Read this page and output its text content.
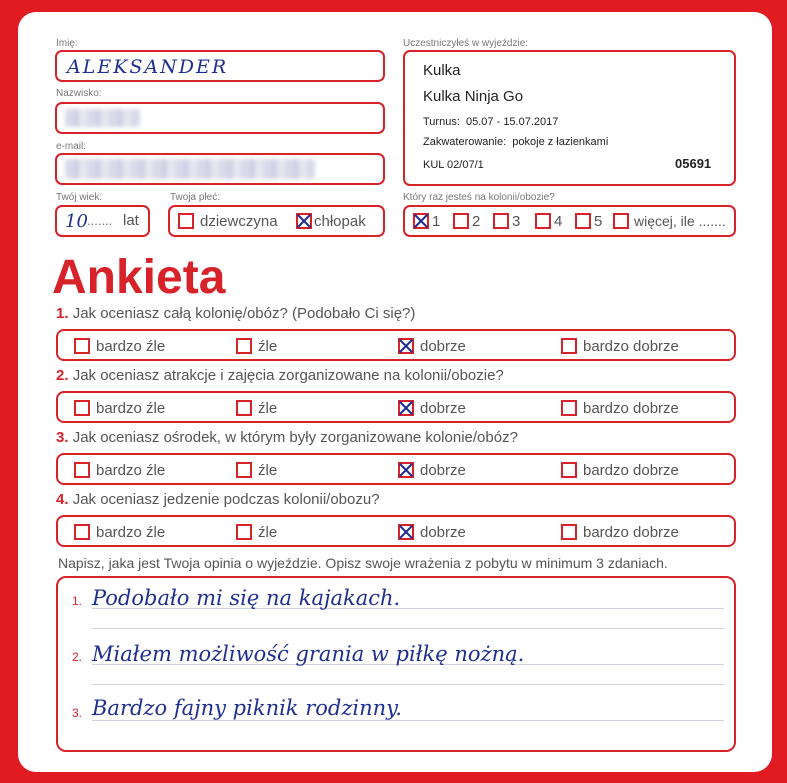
Imię:
ALEKSANDER
Nazwisko:
e-mail:
Twój wiek:
10 ....... lat
Twoja płeć:
dziewczyna	chłopak
Uczestniczyłeś w wyjeździe:
Kulka
Kulka Ninja Go
Turnus: 05.07 - 15.07.2017
Zakwaterowanie: pokoje z łazienkami
KUL 02/07/1	05691
Który raz jesteś na kolonii/obozie?
1	2	3	4	5	więcej, ile .......
Ankieta
1. Jak oceniasz całą kolonię/obóz? (Podobało Ci się?)
bardzo źle	źle	dobrze	bardzo dobrze
2. Jak oceniasz atrakcje i zajęcia zorganizowane na kolonii/obozie?
bardzo źle	źle	dobrze	bardzo dobrze
3. Jak oceniasz ośrodek, w którym były zorganizowane kolonie/obóz?
bardzo źle	źle	dobrze	bardzo dobrze
4. Jak oceniasz jedzenie podczas kolonii/obozu?
bardzo źle	źle	dobrze	bardzo dobrze
Napisz, jaka jest Twoja opinia o wyjeździe. Opisz swoje wrażenia z pobytu w minimum 3 zdaniach.
1. Podobało mi się na kajakach.
2. Miałem możliwość grania w piłkę nożną.
3. Bardzo fajny piknik rodzinny.
